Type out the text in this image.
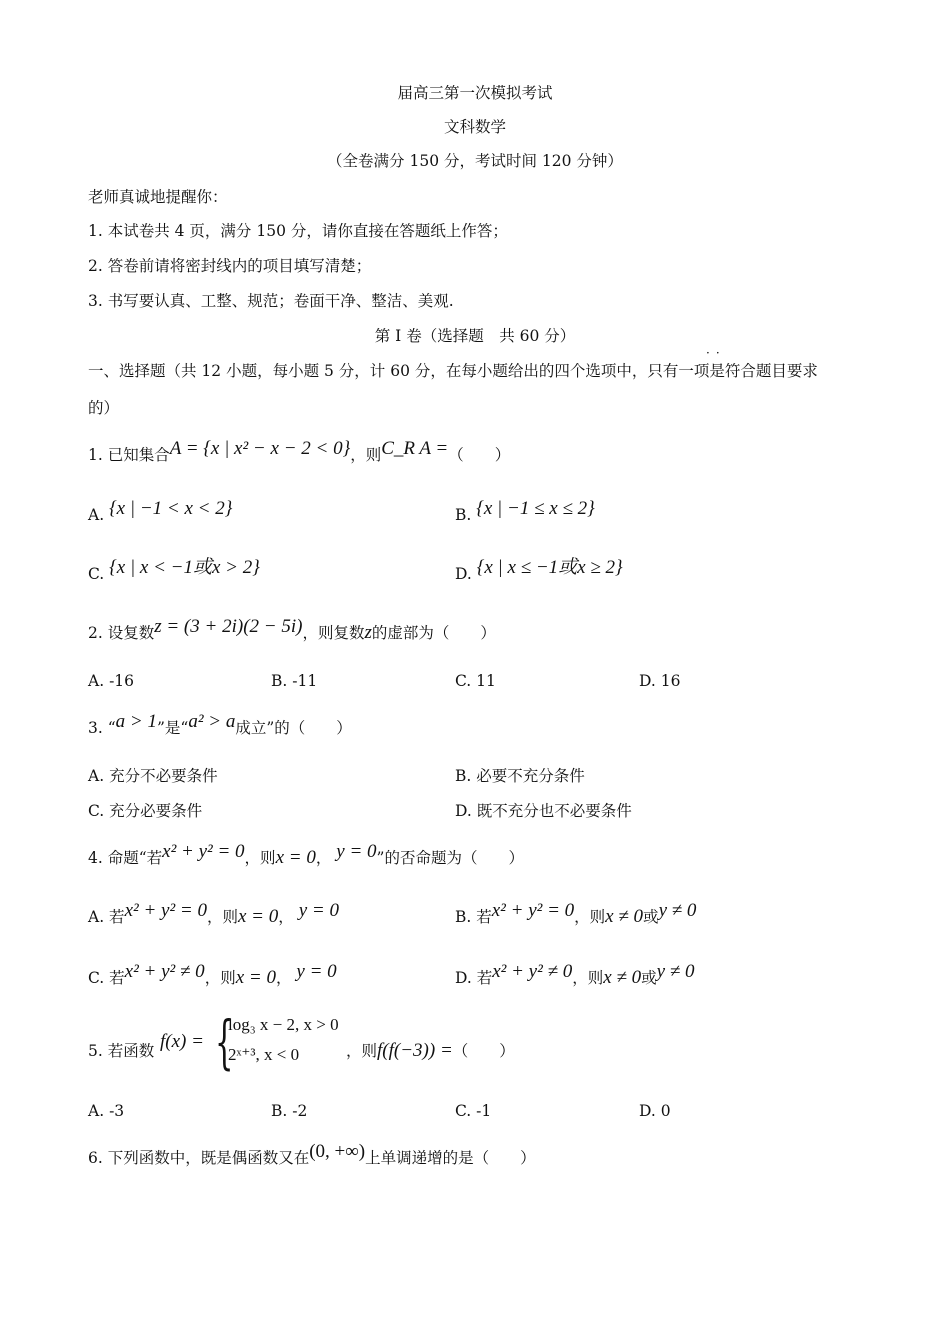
届高三第一次模拟考试
文科数学
（全卷满分 150 分，考试时间 120 分钟）
老师真诚地提醒你：
1. 本试卷共 4 页，满分 150 分，请你直接在答题纸上作答；
2. 答卷前请将密封线内的项目填写清楚；
3. 书写要认真、工整、规范；卷面干净、整洁、美观.
第 I 卷（选择题　共 60 分）
··
一、选择题（共 12 小题，每小题 5 分，计 60 分，在每小题给出的四个选项中，只有一项是符合题目要求
的）
1. 已知集合A = {x | x² − x − 2 < 0}，则C_R A =（　　）
A. {x | −1 < x < 2}	B. {x | −1 ≤ x ≤ 2}
C. {x | x < −1或x > 2}	D. {x | x ≤ −1或x ≥ 2}
2. 设复数z = (3 + 2i)(2 − 5i)，则复数z的虚部为（　　）
A. -16	B. -11	C. 11	D. 16
3. “a > 1”是“a² > a成立”的（　　）
A. 充分不必要条件	B. 必要不充分条件
C. 充分必要条件	D. 既不充分也不必要条件
4. 命题“若x² + y² = 0，则x = 0， y = 0”的否命题为（　　）
A. 若x² + y² = 0，则x = 0， y = 0	B. 若x² + y² = 0，则x ≠ 0或y ≠ 0
C. 若x² + y² ≠ 0，则x = 0， y = 0	D. 若x² + y² ≠ 0，则x ≠ 0或y ≠ 0
5. 若函数 f(x) = {
log₃ x − 2, x > 0
2ˣ⁺³, x < 0	，则f(f(−3)) =（　　）
A. -3	B. -2	C. -1	D. 0
6. 下列函数中，既是偶函数又在(0, +∞)上单调递增的是（　　）
